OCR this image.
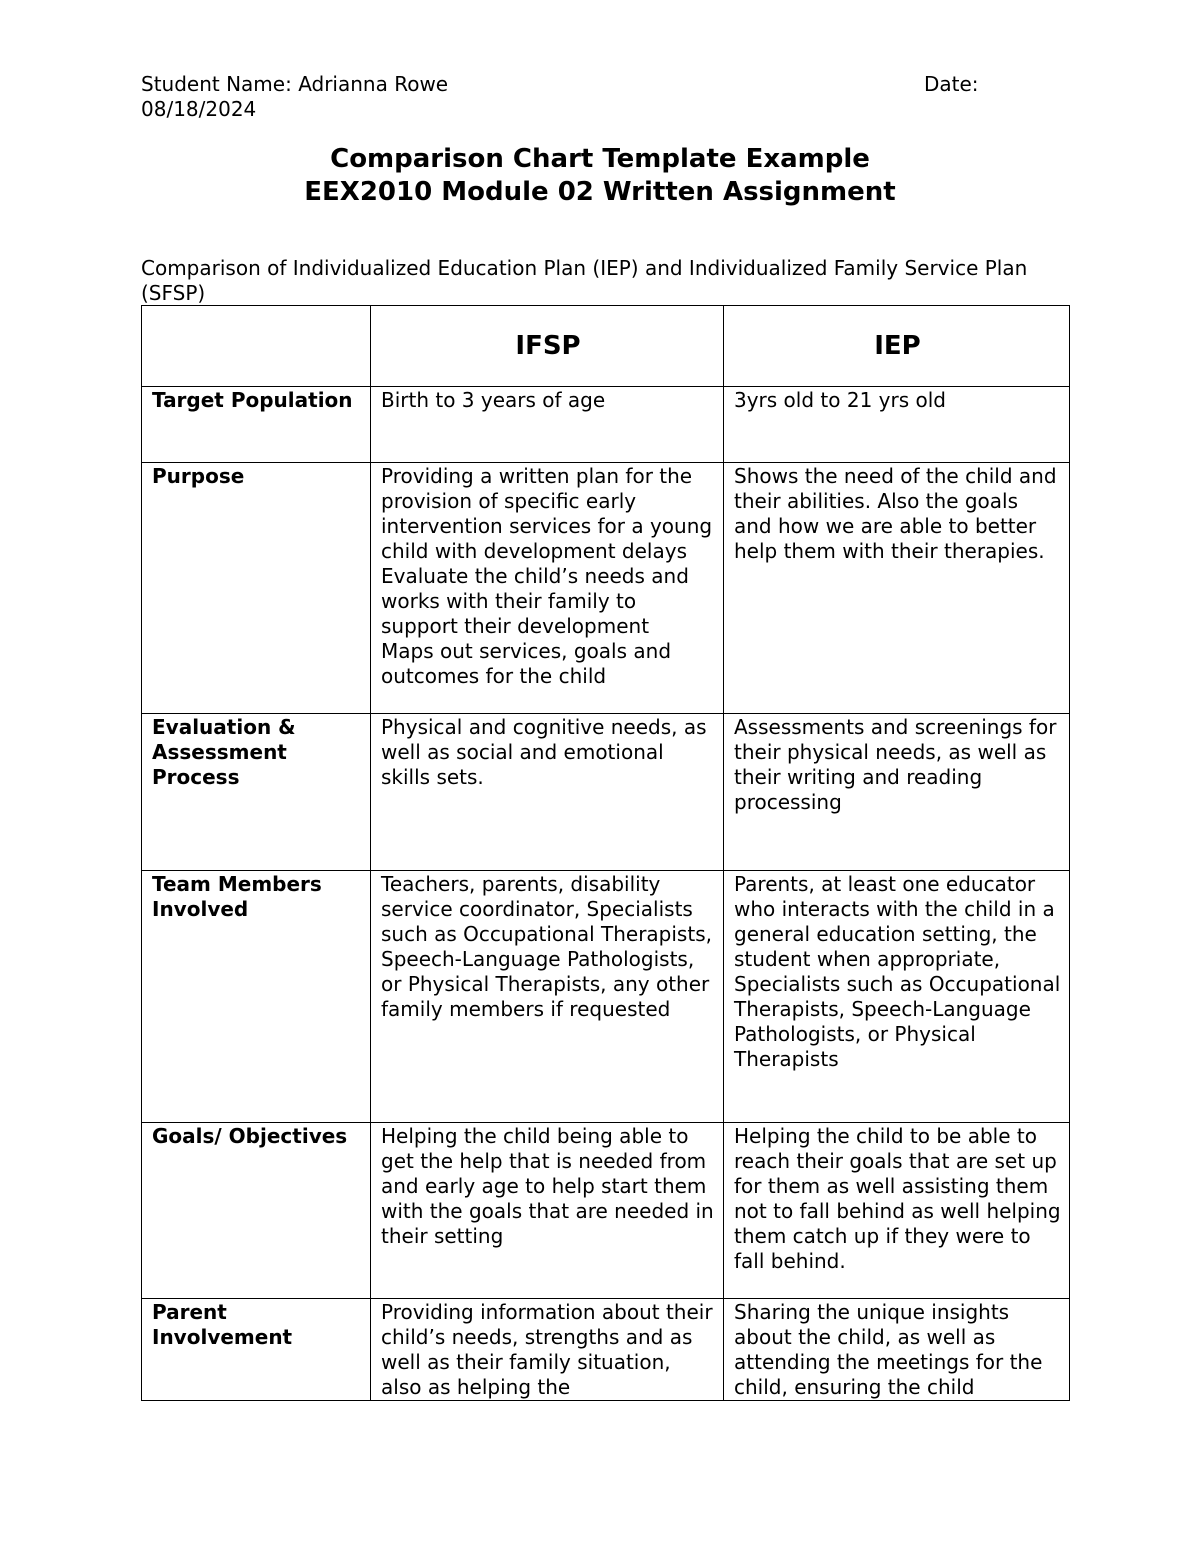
Student Name: Adrianna Rowe	Date:
08/18/2024
Comparison Chart Template Example
EEX2010 Module 02 Written Assignment
Comparison of Individualized Education Plan (IEP) and Individualized Family Service Plan (SFSP)
	IFSP	IEP

Target Population	Birth to 3 years of age	3yrs old to 21 yrs old

Purpose	Providing a written plan for the provision of specific early intervention services for a young child with development delays
Evaluate the child’s needs and works with their family to support their development
Maps out services, goals and outcomes for the child	Shows the need of the child and their abilities. Also the goals and how we are able to better help them with their therapies.

Evaluation & Assessment Process	Physical and cognitive needs, as well as social and emotional skills sets.	Assessments and screenings for their physical needs, as well as their writing and reading processing

Team Members Involved	Teachers, parents, disability service coordinator, Specialists such as Occupational Therapists, Speech-Language Pathologists, or Physical Therapists, any other family members if requested	Parents, at least one educator who interacts with the child in a general education setting, the student when appropriate, Specialists such as Occupational Therapists, Speech-Language Pathologists, or Physical Therapists

Goals/ Objectives	Helping the child being able to get the help that is needed from and early age to help start them with the goals that are needed in their setting	Helping the child to be able to reach their goals that are set up for them as well assisting them not to fall behind as well helping them catch up if they were to fall behind.

Parent Involvement	Providing information about their child’s needs, strengths and as well as their family situation, also as helping the	Sharing the unique insights about the child, as well as attending the meetings for the child, ensuring the child
